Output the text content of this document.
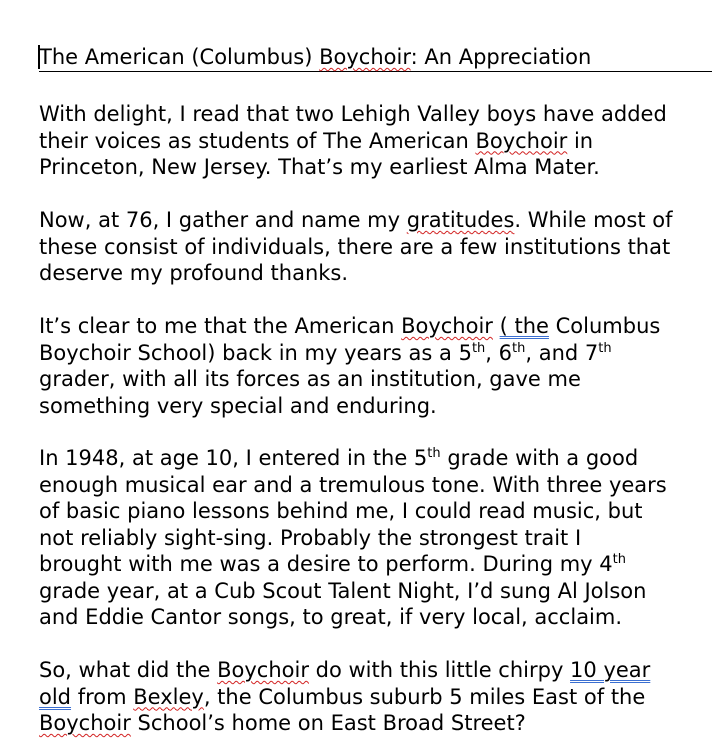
The American (Columbus) Boychoir: An Appreciation
With delight, I read that two Lehigh Valley boys have added
their voices as students of The American Boychoir in
Princeton, New Jersey. That’s my earliest Alma Mater.
Now, at 76, I gather and name my gratitudes. While most of
these consist of individuals, there are a few institutions that
deserve my profound thanks.
It’s clear to me that the American Boychoir ( the Columbus
Boychoir School) back in my years as a 5th, 6th, and 7th
grader, with all its forces as an institution, gave me
something very special and enduring.
In 1948, at age 10, I entered in the 5th grade with a good
enough musical ear and a tremulous tone. With three years
of basic piano lessons behind me, I could read music, but
not reliably sight-sing. Probably the strongest trait I
brought with me was a desire to perform. During my 4th
grade year, at a Cub Scout Talent Night, I’d sung Al Jolson
and Eddie Cantor songs, to great, if very local, acclaim.
So, what did the Boychoir do with this little chirpy 10 year
old from Bexley, the Columbus suburb 5 miles East of the
Boychoir School’s home on East Broad Street?
